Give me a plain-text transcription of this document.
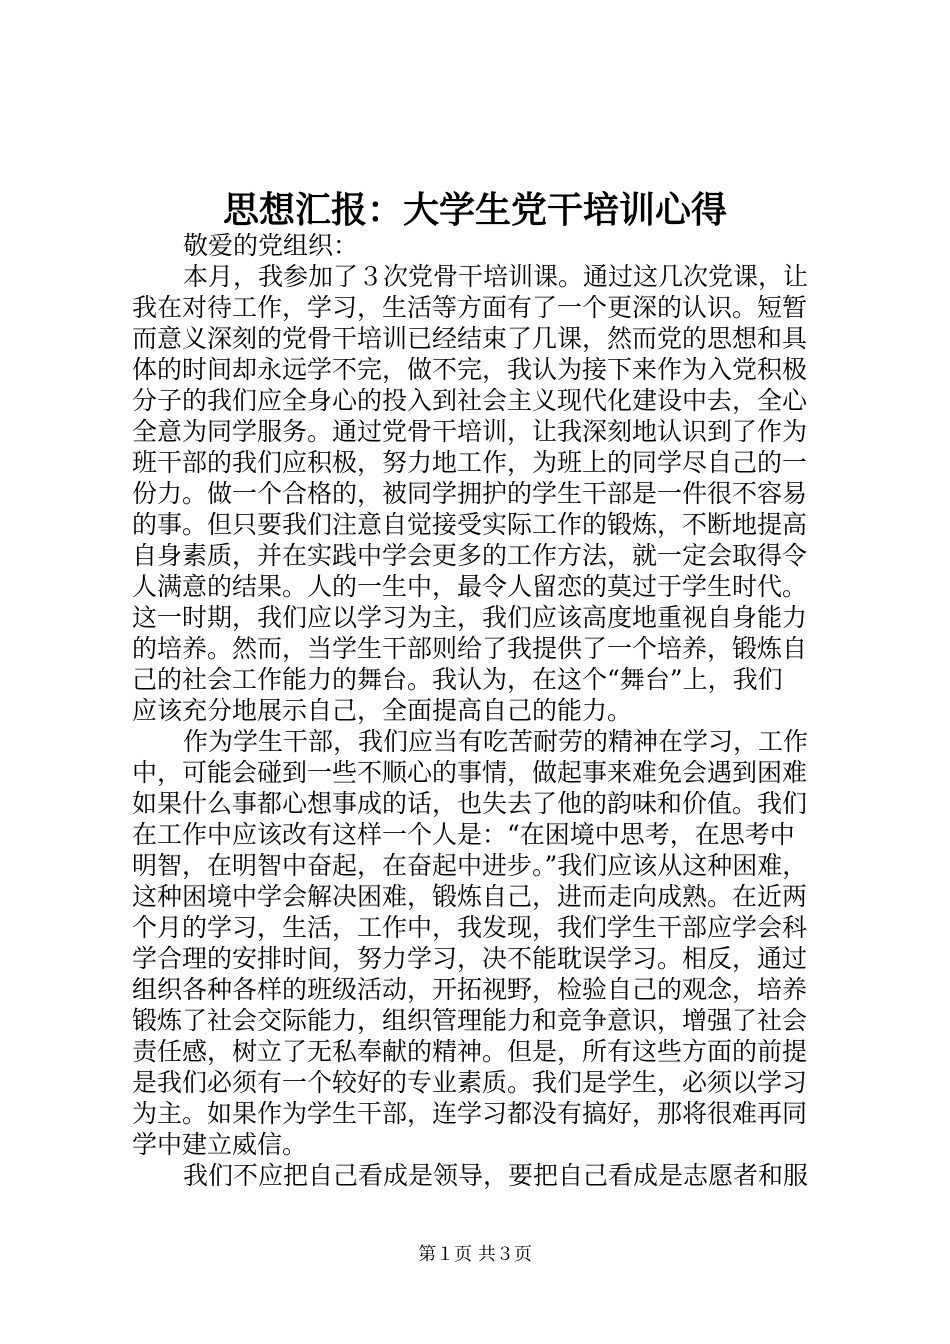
思想汇报：大学生党干培训心得
敬爱的党组织：
本月，我参加了３次党骨干培训课。通过这几次党课，让
我在对待工作，学习，生活等方面有了一个更深的认识。短暂
而意义深刻的党骨干培训已经结束了几课，然而党的思想和具
体的时间却永远学不完，做不完，我认为接下来作为入党积极
分子的我们应全身心的投入到社会主义现代化建设中去，全心
全意为同学服务。通过党骨干培训，让我深刻地认识到了作为
班干部的我们应积极，努力地工作，为班上的同学尽自己的一
份力。做一个合格的，被同学拥护的学生干部是一件很不容易
的事。但只要我们注意自觉接受实际工作的锻炼，不断地提高
自身素质，并在实践中学会更多的工作方法，就一定会取得令
人满意的结果。人的一生中，最令人留恋的莫过于学生时代。
这一时期，我们应以学习为主，我们应该高度地重视自身能力
的培养。然而，当学生干部则给了我提供了一个培养，锻炼自
己的社会工作能力的舞台。我认为，在这个“舞台”上，我们
应该充分地展示自己，全面提高自己的能力。
作为学生干部，我们应当有吃苦耐劳的精神在学习，工作
中，可能会碰到一些不顺心的事情，做起事来难免会遇到困难
如果什么事都心想事成的话，也失去了他的韵味和价值。我们
在工作中应该改有这样一个人是：“在困境中思考，在思考中
明智，在明智中奋起，在奋起中进步。”我们应该从这种困难，
这种困境中学会解决困难，锻炼自己，进而走向成熟。在近两
个月的学习，生活，工作中，我发现，我们学生干部应学会科
学合理的安排时间，努力学习，决不能耽误学习。相反，通过
组织各种各样的班级活动，开拓视野，检验自己的观念，培养
锻炼了社会交际能力，组织管理能力和竞争意识，增强了社会
责任感，树立了无私奉献的精神。但是，所有这些方面的前提
是我们必须有一个较好的专业素质。我们是学生，必须以学习
为主。如果作为学生干部，连学习都没有搞好，那将很难再同
学中建立威信。
我们不应把自己看成是领导，要把自己看成是志愿者和服
第１页 共３页
